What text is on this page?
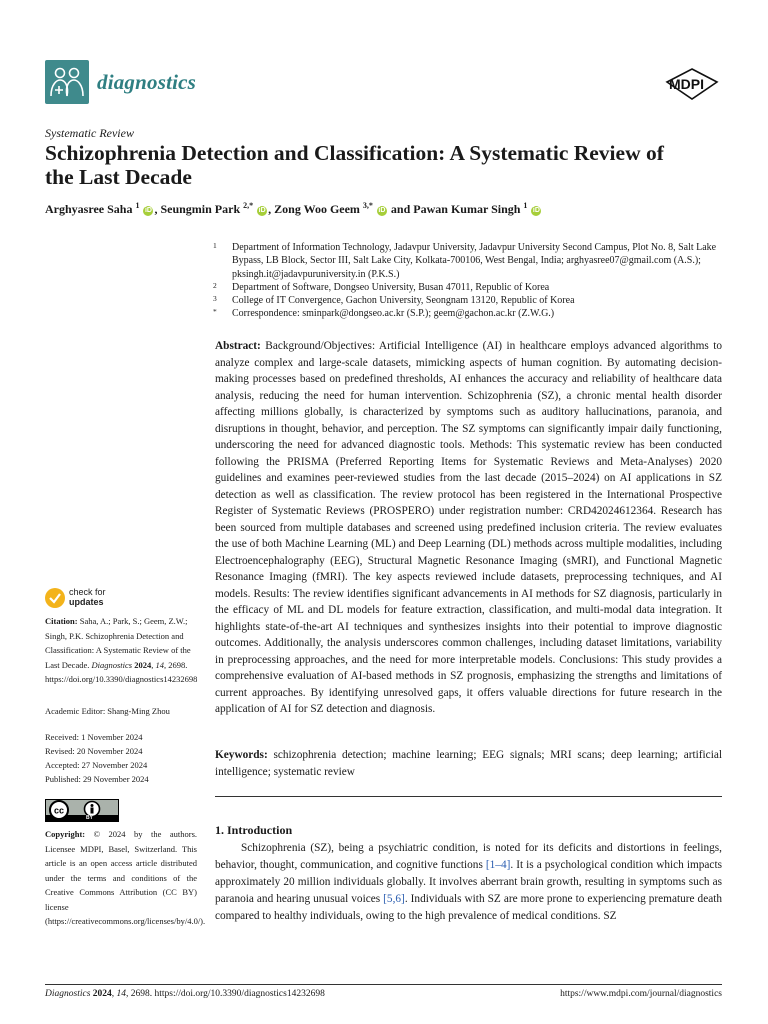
diagnostics	MDPI
Systematic Review
Schizophrenia Detection and Classification: A Systematic Review of the Last Decade
Arghyasree Saha $^1$ iD , Seungmin Park $^{2,*}$ iD , Zong Woo Geem $^{3,*}$ iD and Pawan Kumar Singh $^1$ iD
1 Department of Information Technology, Jadavpur University, Jadavpur University Second Campus, Plot No. 8, Salt Lake Bypass, LB Block, Sector III, Salt Lake City, Kolkata-700106, West Bengal, India; arghyasree07@gmail.com (A.S.); pksingh.it@jadavpuruniversity.in (P.K.S.)
2 Department of Software, Dongseo University, Busan 47011, Republic of Korea
3 College of IT Convergence, Gachon University, Seongnam 13120, Republic of Korea
* Correspondence: sminpark@dongseo.ac.kr (S.P.); geem@gachon.ac.kr (Z.W.G.)

Abstract: Background/Objectives: Artificial Intelligence (AI) in healthcare employs advanced algorithms to analyze complex and large-scale datasets, mimicking aspects of human cognition. By automating decision-making processes based on predefined thresholds, AI enhances the accuracy and reliability of healthcare data analysis, reducing the need for human intervention. Schizophrenia (SZ), a chronic mental health disorder affecting millions globally, is characterized by symptoms such as auditory hallucinations, paranoia, and disruptions in thought, behavior, and perception. The SZ symptoms can significantly impair daily functioning, underscoring the need for advanced diagnostic tools. Methods: This systematic review has been conducted following the PRISMA (Preferred Reporting Items for Systematic Reviews and Meta-Analyses) 2020 guidelines and examines peer-reviewed studies from the last decade (2015–2024) on AI applications in SZ detection as well as classification. The review protocol has been registered in the International Prospective Register of Systematic Reviews (PROSPERO) under registration number: CRD42024612364. Research has been sourced from multiple databases and screened using predefined inclusion criteria. The review evaluates the use of both Machine Learning (ML) and Deep Learning (DL) methods across multiple modalities, including Electroencephalography (EEG), Structural Magnetic Resonance Imaging (sMRI), and Functional Magnetic Resonance Imaging (fMRI). The key aspects reviewed include datasets, preprocessing techniques, and AI models. Results: The review identifies significant advancements in AI methods for SZ diagnosis, particularly in the efficacy of ML and DL models for feature extraction, classification, and multi-modal data integration. It highlights state-of-the-art AI techniques and synthesizes insights into their potential to improve diagnostic outcomes. Additionally, the analysis underscores common challenges, including dataset limitations, variability in preprocessing approaches, and the need for more interpretable models. Conclusions: This study provides a comprehensive evaluation of AI-based methods in SZ prognosis, emphasizing the strengths and limitations of current approaches. By identifying unresolved gaps, it offers valuable directions for future research in the application of AI for SZ detection and diagnosis.

Keywords: schizophrenia detection; machine learning; EEG signals; MRI scans; deep learning; artificial intelligence; systematic review

1. Introduction

Schizophrenia (SZ), being a psychiatric condition, is noted for its deficits and distortions in feelings, behavior, thought, communication, and cognitive functions [1–4]. It is a psychological condition which impacts approximately 20 million individuals globally. It involves aberrant brain growth, resulting in symptoms such as paranoia and hearing unusual voices [5,6]. Individuals with SZ are more prone to experiencing premature death compared to healthy individuals, owing to the high prevalence of medical conditions. SZ

check for
updates

Citation: Saha, A.; Park, S.; Geem, Z.W.; Singh, P.K. Schizophrenia Detection and Classification: A Systematic Review of the Last Decade. Diagnostics 2024, 14, 2698. https://doi.org/10.3390/diagnostics14232698

Academic Editor: Shang-Ming Zhou

Received: 1 November 2024
Revised: 20 November 2024
Accepted: 27 November 2024
Published: 29 November 2024
cc
BY

Copyright: © 2024 by the authors. Licensee MDPI, Basel, Switzerland. This article is an open access article distributed under the terms and conditions of the Creative Commons Attribution (CC BY) license (https://creativecommons.org/licenses/by/4.0/).

Diagnostics 2024, 14, 2698. https://doi.org/10.3390/diagnostics14232698	https://www.mdpi.com/journal/diagnostics
